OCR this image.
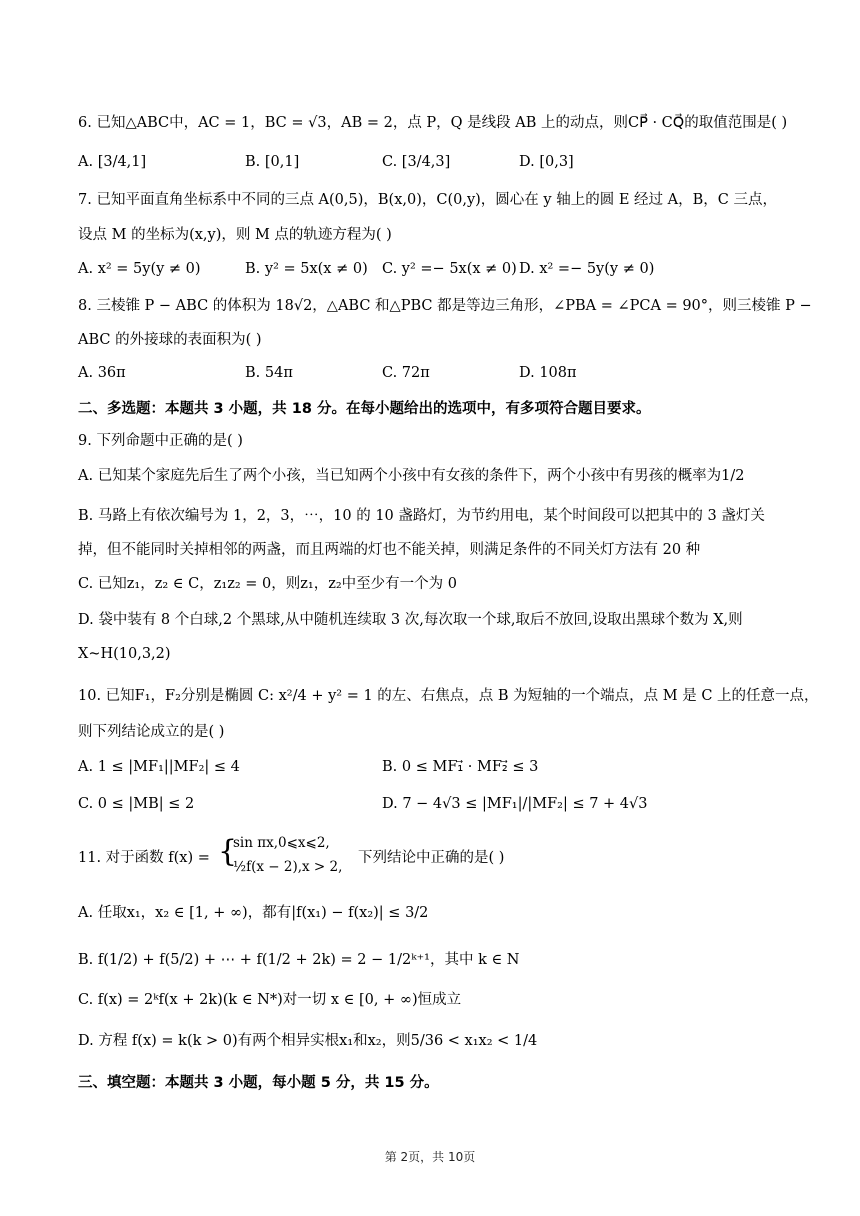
6. 已知△ABC中，AC = 1，BC = √3，AB = 2，点 P，Q 是线段 AB 上的动点，则CP⃗ · CQ⃗的取值范围是( )
A. [3/4,1]	B. [0,1]	C. [3/4,3]	D. [0,3]
7. 已知平面直角坐标系中不同的三点 A(0,5)，B(x,0)，C(0,y)，圆心在 y 轴上的圆 E 经过 A，B，C 三点，
设点 M 的坐标为(x,y)，则 M 点的轨迹方程为( )
A. x² = 5y(y ≠ 0)	B. y² = 5x(x ≠ 0) C. y² =− 5x(x ≠ 0) D. x² =− 5y(y ≠ 0)
8. 三棱锥 P − ABC 的体积为 18√2，△ABC 和△PBC 都是等边三角形，∠PBA = ∠PCA = 90°，则三棱锥 P −
ABC 的外接球的表面积为( )
A. 36π	B. 54π	C. 72π	D. 108π
二、多选题：本题共 3 小题，共 18 分。在每小题给出的选项中，有多项符合题目要求。
9. 下列命题中正确的是( )
A. 已知某个家庭先后生了两个小孩，当已知两个小孩中有女孩的条件下，两个小孩中有男孩的概率为1/2
B. 马路上有依次编号为 1，2，3，⋯，10 的 10 盏路灯，为节约用电，某个时间段可以把其中的 3 盏灯关
掉，但不能同时关掉相邻的两盏，而且两端的灯也不能关掉，则满足条件的不同关灯方法有 20 种
C. 已知z₁，z₂ ∈ C，z₁z₂ = 0，则z₁，z₂中至少有一个为 0
D. 袋中装有 8 个白球,2 个黑球,从中随机连续取 3 次,每次取一个球,取后不放回,设取出黑球个数为 X,则
X~H(10,3,2)
10. 已知F₁，F₂分别是椭圆 C: x²/4 + y² = 1 的左、右焦点，点 B 为短轴的一个端点，点 M 是 C 上的任意一点，
则下列结论成立的是( )
A. 1 ≤ |MF₁||MF₂| ≤ 4	B. 0 ≤ MF₁⃗ · MF₂⃗ ≤ 3
C. 0 ≤ |MB| ≤ 2	D. 7 − 4√3 ≤ |MF₁|/|MF₂| ≤ 7 + 4√3
11. 对于函数 f(x) = {
sin πx,0⩽x⩽2,
½f(x − 2),x > 2,
下列结论中正确的是( )
A. 任取x₁，x₂ ∈ [1, + ∞)，都有|f(x₁) − f(x₂)| ≤ 3/2
B. f(1/2) + f(5/2) + ⋯ + f(1/2 + 2k) = 2 − 1/2ᵏ⁺¹，其中 k ∈ N
C. f(x) = 2ᵏf(x + 2k)(k ∈ N*)对一切 x ∈ [0, + ∞)恒成立
D. 方程 f(x) = k(k > 0)有两个相异实根x₁和x₂，则5/36 < x₁x₂ < 1/4
三、填空题：本题共 3 小题，每小题 5 分，共 15 分。
第 2页，共 10页
